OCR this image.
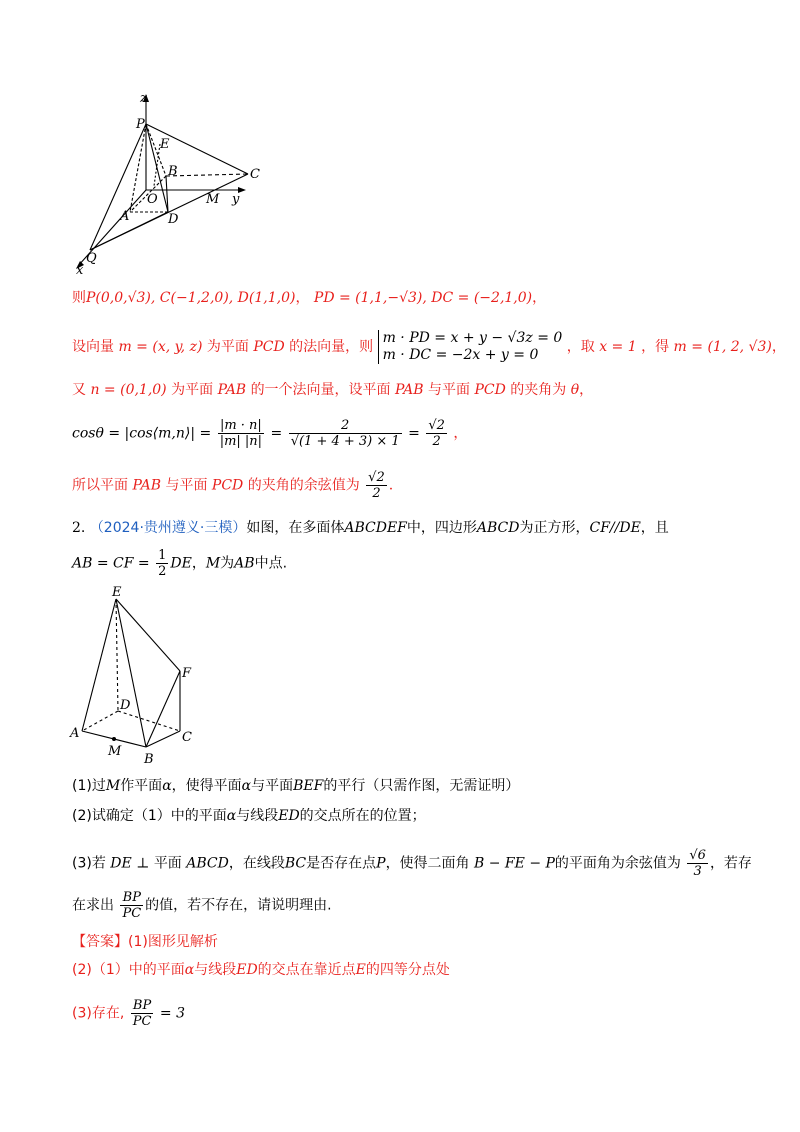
z
P
E
B	C
O	M y
A	D
Q
x
则P(0,0,√3), C(−1,2,0), D(1,1,0)， PD = (1,1,−√3), DC = (−2,1,0)，
设向量 m = (x, y, z) 为平面 PCD 的法向量，则
m · PD = x + y − √3z = 0
m · DC = −2x + y = 0	，取 x = 1 ，得 m = (1, 2, √3)，
又 n = (0,1,0) 为平面 PAB 的一个法向量，设平面 PAB 与平面 PCD 的夹角为 θ，
cosθ = |cos⟨m,n⟩| = $\frac{|m \cdot n|}{|m| |n|} = \frac{2}{√(1 + 4 + 3) \times 1} = \frac{√2}{2}$ ，
所以平面 PAB 与平面 PCD 的夹角的余弦值为 $\frac{√2}{2}$ .
2. （2024·贵州遵义·三模）如图，在多面体ABCDEF中，四边形ABCD为正方形，CF//DE，且
AB = CF = $\frac{1}{2}$ DE，M为AB中点.
E
F
D
A
M
B
C
(1)过M作平面α，使得平面α与平面BEF的平行（只需作图，无需证明）
(2)试确定（1）中的平面α与线段ED的交点所在的位置；
(3)若 DE ⊥ 平面 ABCD，在线段BC是否存在点P，使得二面角 B − FE − P的平面角为余弦值为 $\frac{√6}{3}$ ，若存
在求出 $\frac{BP}{PC}$ 的值，若不存在，请说明理由.
【答案】(1)图形见解析
(2)（1）中的平面α与线段ED的交点在靠近点E的四等分点处
(3)存在, $\frac{BP}{PC} = 3$
